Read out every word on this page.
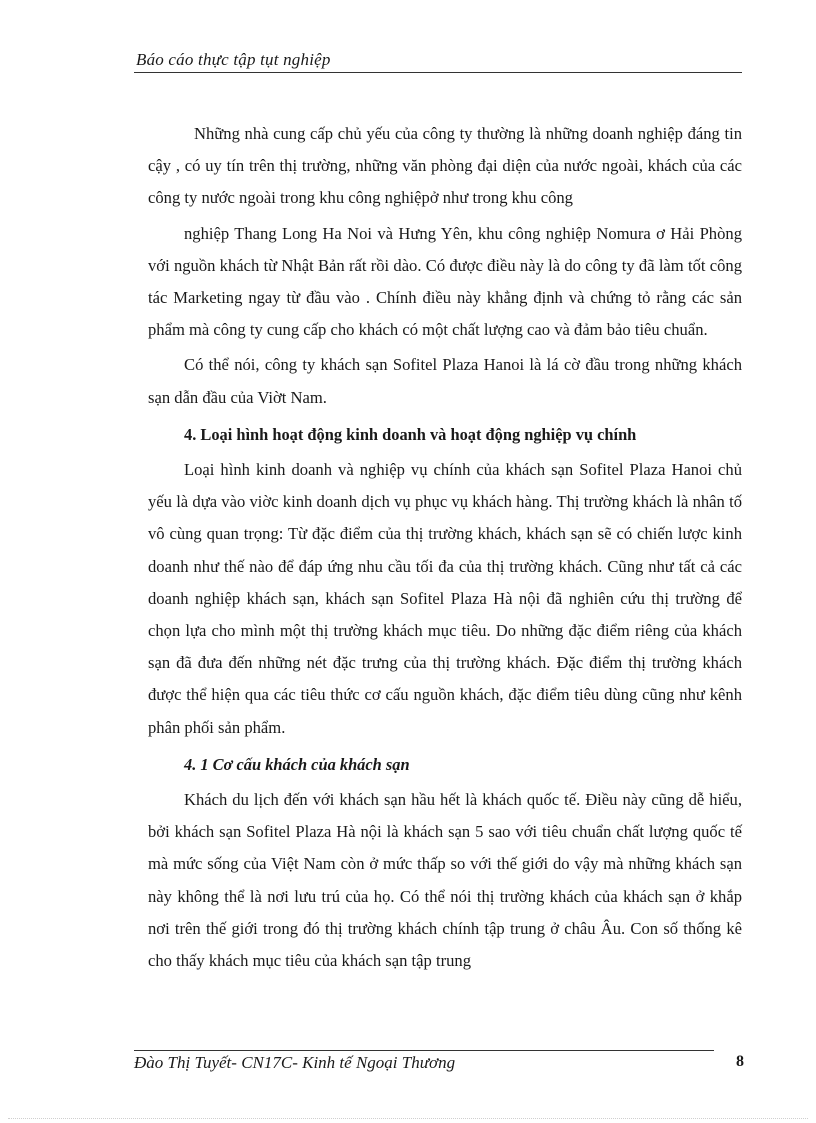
Báo cáo thực tập tụt nghiệp

Những nhà cung cấp chủ yếu của công ty thường là những doanh nghiệp đáng tin cậy , có uy tín trên thị trường, những văn phòng đại diện của nước ngoài, khách của các công ty nước ngoài trong khu công nghiệpở như trong khu công

nghiệp Thang Long Ha Noi và Hưng Yên, khu công nghiệp Nomura ơ Hải Phòng với nguồn khách từ Nhật Bản rất rồi dào. Có được điều này là do công ty đã làm tốt công tác Marketing ngay từ đầu vào . Chính điều này khẳng định và chứng tỏ rằng các sản phẩm mà công ty cung cấp cho khách có một chất lượng cao và đảm bảo tiêu chuẩn.

Có thể nói, công ty khách sạn Sofitel Plaza Hanoi là lá cờ đầu trong những khách sạn dẫn đầu của Viờt Nam.

4. Loại hình hoạt động kinh doanh và hoạt động nghiệp vụ chính

Loại hình kinh doanh và nghiệp vụ chính của khách sạn Sofitel Plaza Hanoi chủ yếu là dựa vào viờc kinh doanh dịch vụ phục vụ khách hàng. Thị trường khách là nhân tố vô cùng quan trọng: Từ đặc điểm của thị trường khách, khách sạn sẽ có chiến lược kinh doanh như thế nào để đáp ứng nhu cầu tối đa của thị trường khách. Cũng như tất cả các doanh nghiệp khách sạn, khách sạn Sofitel Plaza Hà nội đã nghiên cứu thị trường để chọn lựa cho mình một thị trường khách mục tiêu. Do những đặc điểm riêng của khách sạn đã đưa đến những nét đặc trưng của thị trường khách. Đặc điểm thị trường khách được thể hiện qua các tiêu thức cơ cấu nguồn khách, đặc điểm tiêu dùng cũng như kênh phân phối sản phẩm.

4. 1 Cơ cấu khách của khách sạn

Khách du lịch đến với khách sạn hầu hết là khách quốc tế. Điều này cũng dễ hiểu, bởi khách sạn Sofitel Plaza Hà nội là khách sạn 5 sao với tiêu chuẩn chất lượng quốc tế mà mức sống của Việt Nam còn ở mức thấp so với thế giới do vậy mà những khách sạn này không thể là nơi lưu trú của họ. Có thể nói thị trường khách của khách sạn ở khắp nơi trên thế giới trong đó thị trường khách chính tập trung ở châu Âu. Con số thống kê cho thấy khách mục tiêu của khách sạn tập trung

Đào Thị Tuyết- CN17C- Kinh tế Ngoại Thương	8
